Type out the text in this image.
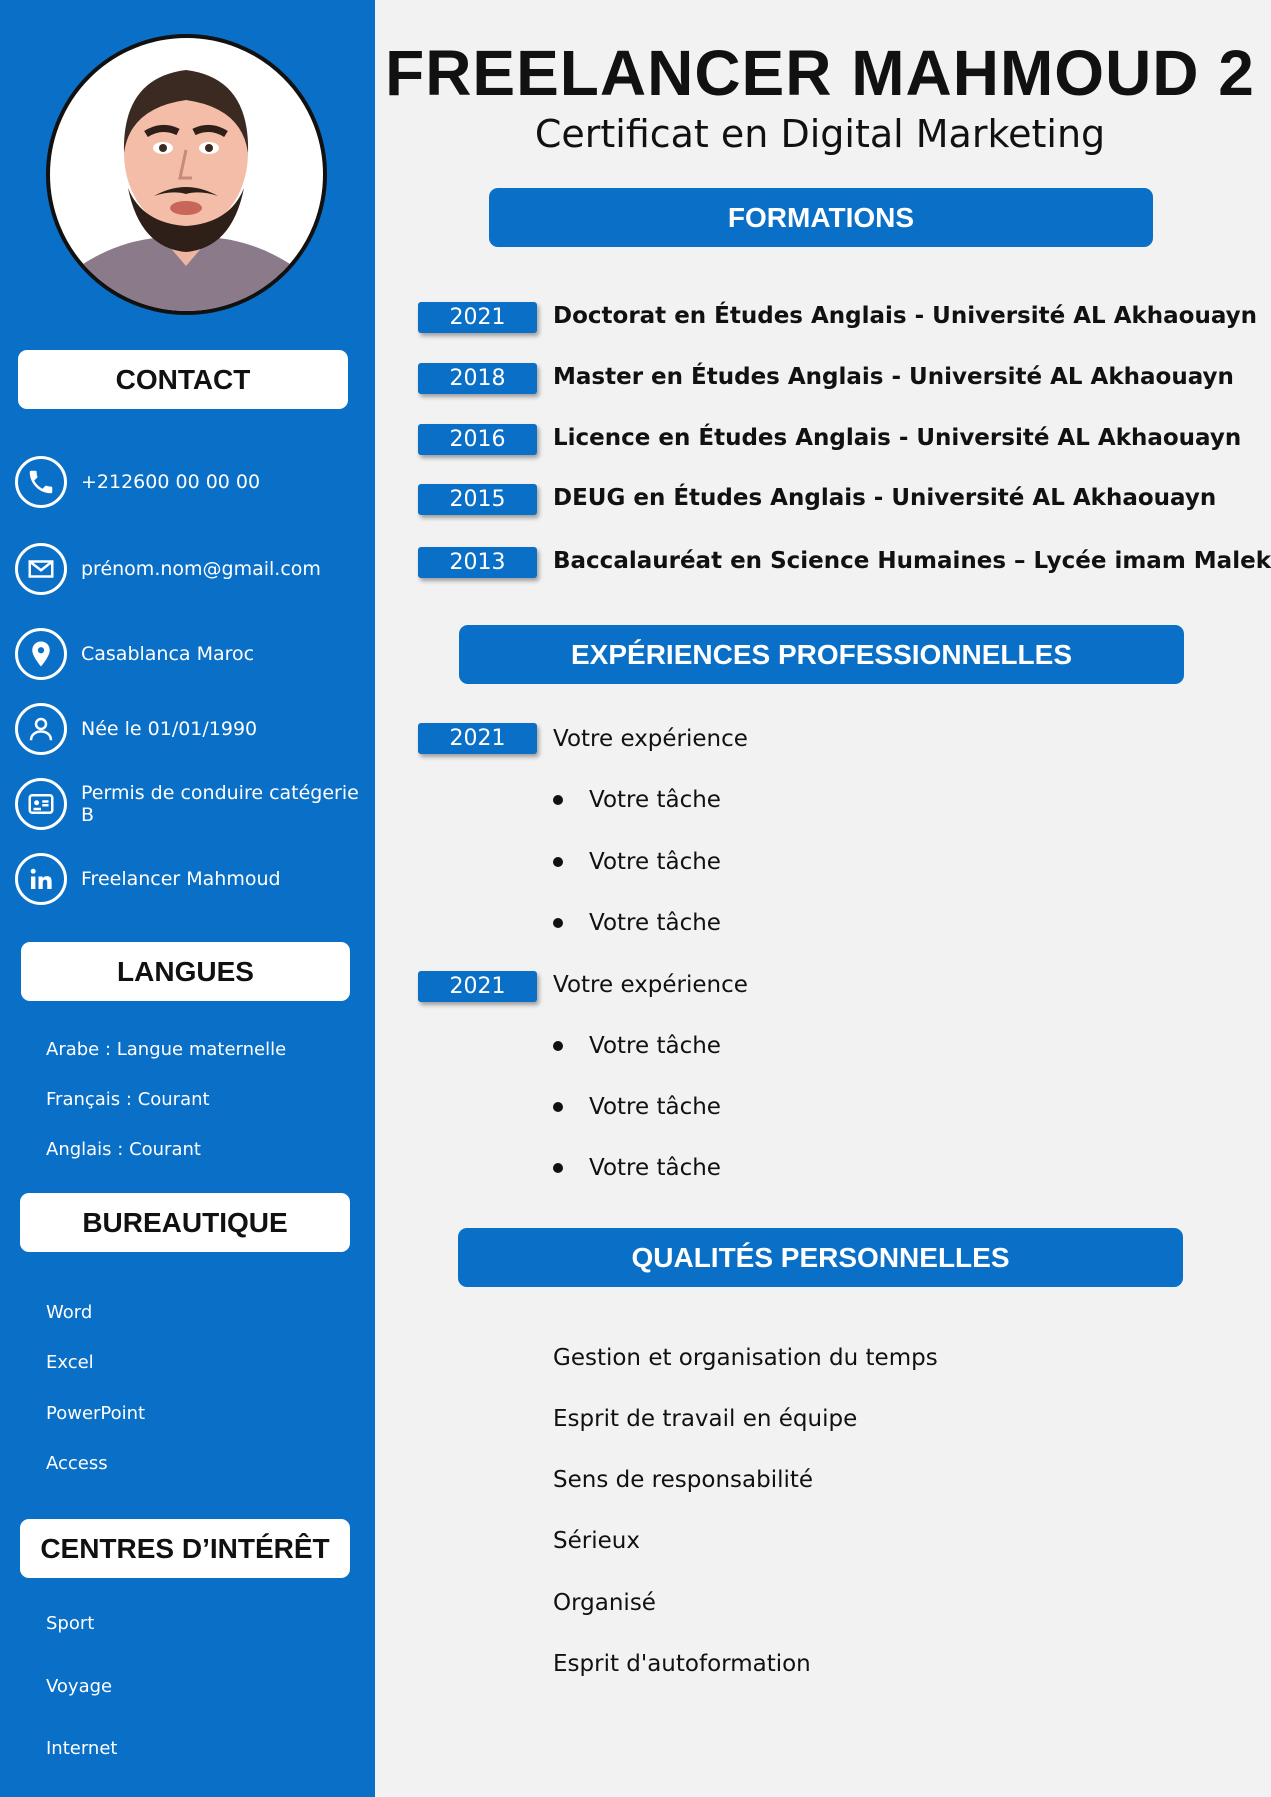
CONTACT
+212600 00 00 00
prénom.nom@gmail.com
Casablanca Maroc
Née le 01/01/1990
Permis de conduire catégerie B
Freelancer Mahmoud
LANGUES
Arabe : Langue maternelle
Français : Courant
Anglais : Courant
BUREAUTIQUE
Word
Excel
PowerPoint
Access
CENTRES D’INTÉRÊT
Sport
Voyage
Internet
FREELANCER MAHMOUD 2
Certificat en Digital Marketing
FORMATIONS
2021	Doctorat en Études Anglais - Université AL Akhaouayn
2018	Master en Études Anglais - Université AL Akhaouayn
2016	Licence en Études Anglais - Université AL Akhaouayn
2015	DEUG en Études Anglais - Université AL Akhaouayn
2013	Baccalauréat en Science Humaines – Lycée imam Malek
EXPÉRIENCES PROFESSIONNELLES
2021	Votre expérience
Votre tâche
Votre tâche
Votre tâche
2021	Votre expérience
Votre tâche
Votre tâche
Votre tâche
QUALITÉS PERSONNELLES
Gestion et organisation du temps
Esprit de travail en équipe
Sens de responsabilité
Sérieux
Organisé
Esprit d'autoformation
